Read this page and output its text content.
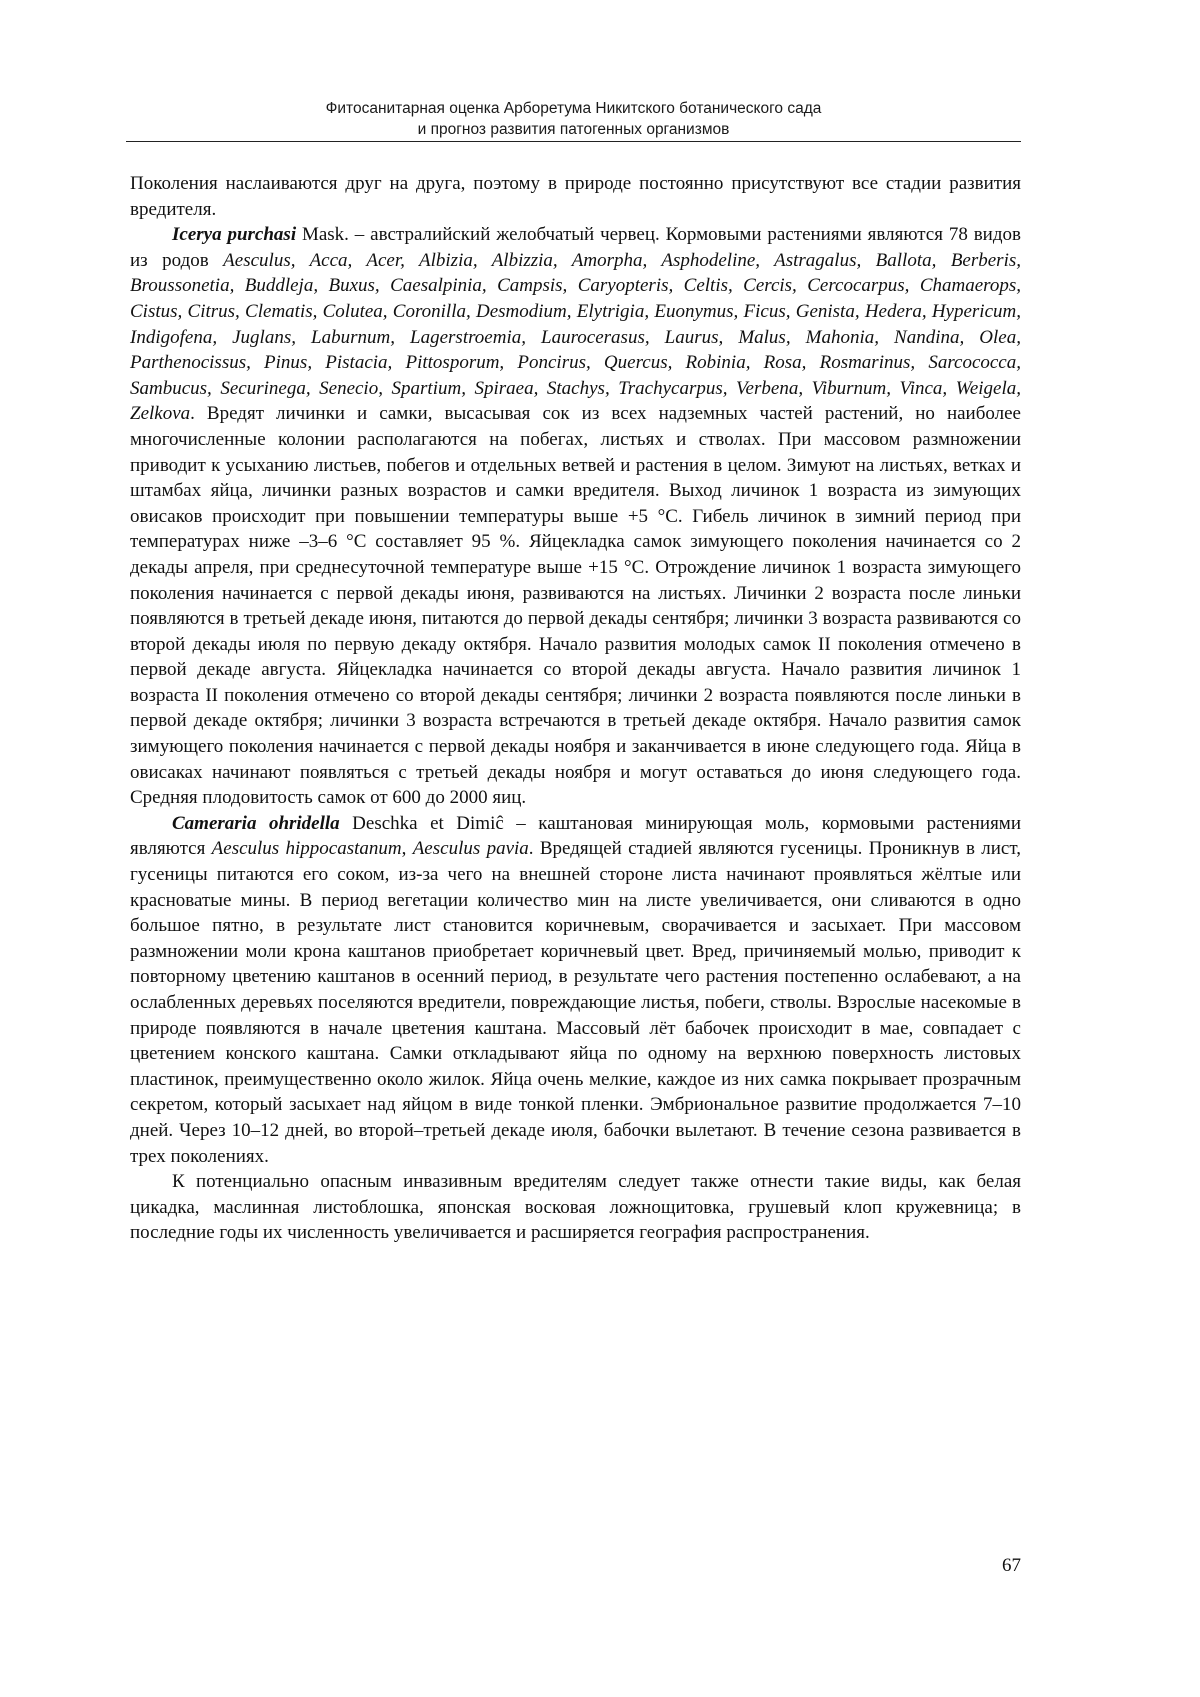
Фитосанитарная оценка Арборетума Никитского ботанического сада
и прогноз развития патогенных организмов

Поколения наслаиваются друг на друга, поэтому в природе постоянно присутствуют все стадии развития вредителя.

Icerya purchasi Mask. – австралийский желобчатый червец. Кормовыми растениями являются 78 видов из родов Aesculus, Acca, Acer, Albizia, Albizzia, Amorpha, Asphodeline, Astragalus, Ballota, Berberis, Broussonetia, Buddleja, Buxus, Caesalpinia, Campsis, Caryopteris, Celtis, Cercis, Cercocarpus, Chamaerops, Cistus, Citrus, Clematis, Colutea, Coronilla, Desmodium, Elytrigia, Euonymus, Ficus, Genista, Hedera, Hypericum, Indigofena, Juglans, Laburnum, Lagerstroemia, Laurocerasus, Laurus, Malus, Mahonia, Nandina, Olea, Parthenocissus, Pinus, Pistacia, Pittosporum, Poncirus, Quercus, Robinia, Rosa, Rosmarinus, Sarcococca, Sambucus, Securinega, Senecio, Spartium, Spiraea, Stachys, Trachycarpus, Verbena, Viburnum, Vinca, Weigela, Zelkova. Вредят личинки и самки, высасывая сок из всех надземных частей растений, но наиболее многочисленные колонии располагаются на побегах, листьях и стволах. При массовом размножении приводит к усыханию листьев, побегов и отдельных ветвей и растения в целом. Зимуют на листьях, ветках и штамбах яйца, личинки разных возрастов и самки вредителя. Выход личинок 1 возраста из зимующих овисаков происходит при повышении температуры выше +5 °С. Гибель личинок в зимний период при температурах ниже –3–6 °С составляет 95 %. Яйцекладка самок зимующего поколения начинается со 2 декады апреля, при среднесуточной температуре выше +15 °С. Отрождение личинок 1 возраста зимующего поколения начинается с первой декады июня, развиваются на листьях. Личинки 2 возраста после линьки появляются в третьей декаде июня, питаются до первой декады сентября; личинки 3 возраста развиваются со второй декады июля по первую декаду октября. Начало развития молодых самок II поколения отмечено в первой декаде августа. Яйцекладка начинается со второй декады августа. Начало развития личинок 1 возраста II поколения отмечено со второй декады сентября; личинки 2 возраста появляются после линьки в первой декаде октября; личинки 3 возраста встречаются в третьей декаде октября. Начало развития самок зимующего поколения начинается с первой декады ноября и заканчивается в июне следующего года. Яйца в овисаках начинают появляться с третьей декады ноября и могут оставаться до июня следующего года. Средняя плодовитость самок от 600 до 2000 яиц.

Cameraria ohridella Deschka et Dimiĉ – каштановая минирующая моль, кормовыми растениями являются Aesculus hippocastanum, Aesculus pavia. Вредящей стадией являются гусеницы. Проникнув в лист, гусеницы питаются его соком, из-за чего на внешней стороне листа начинают проявляться жёлтые или красноватые мины. В период вегетации количество мин на листе увеличивается, они сливаются в одно большое пятно, в результате лист становится коричневым, сворачивается и засыхает. При массовом размножении моли крона каштанов приобретает коричневый цвет. Вред, причиняемый молью, приводит к повторному цветению каштанов в осенний период, в результате чего растения постепенно ослабевают, а на ослабленных деревьях поселяются вредители, повреждающие листья, побеги, стволы. Взрослые насекомые в природе появляются в начале цветения каштана. Массовый лёт бабочек происходит в мае, совпадает с цветением конского каштана. Самки откладывают яйца по одному на верхнюю поверхность листовых пластинок, преимущественно около жилок. Яйца очень мелкие, каждое из них самка покрывает прозрачным секретом, который засыхает над яйцом в виде тонкой пленки. Эмбриональное развитие продолжается 7–10 дней. Через 10–12 дней, во второй–третьей декаде июля, бабочки вылетают. В течение сезона развивается в трех поколениях.

К потенциально опасным инвазивным вредителям следует также отнести такие виды, как белая цикадка, маслинная листоблошка, японская восковая ложнощитовка, грушевый клоп кружевница; в последние годы их численность увеличивается и расширяется география распространения.

67
